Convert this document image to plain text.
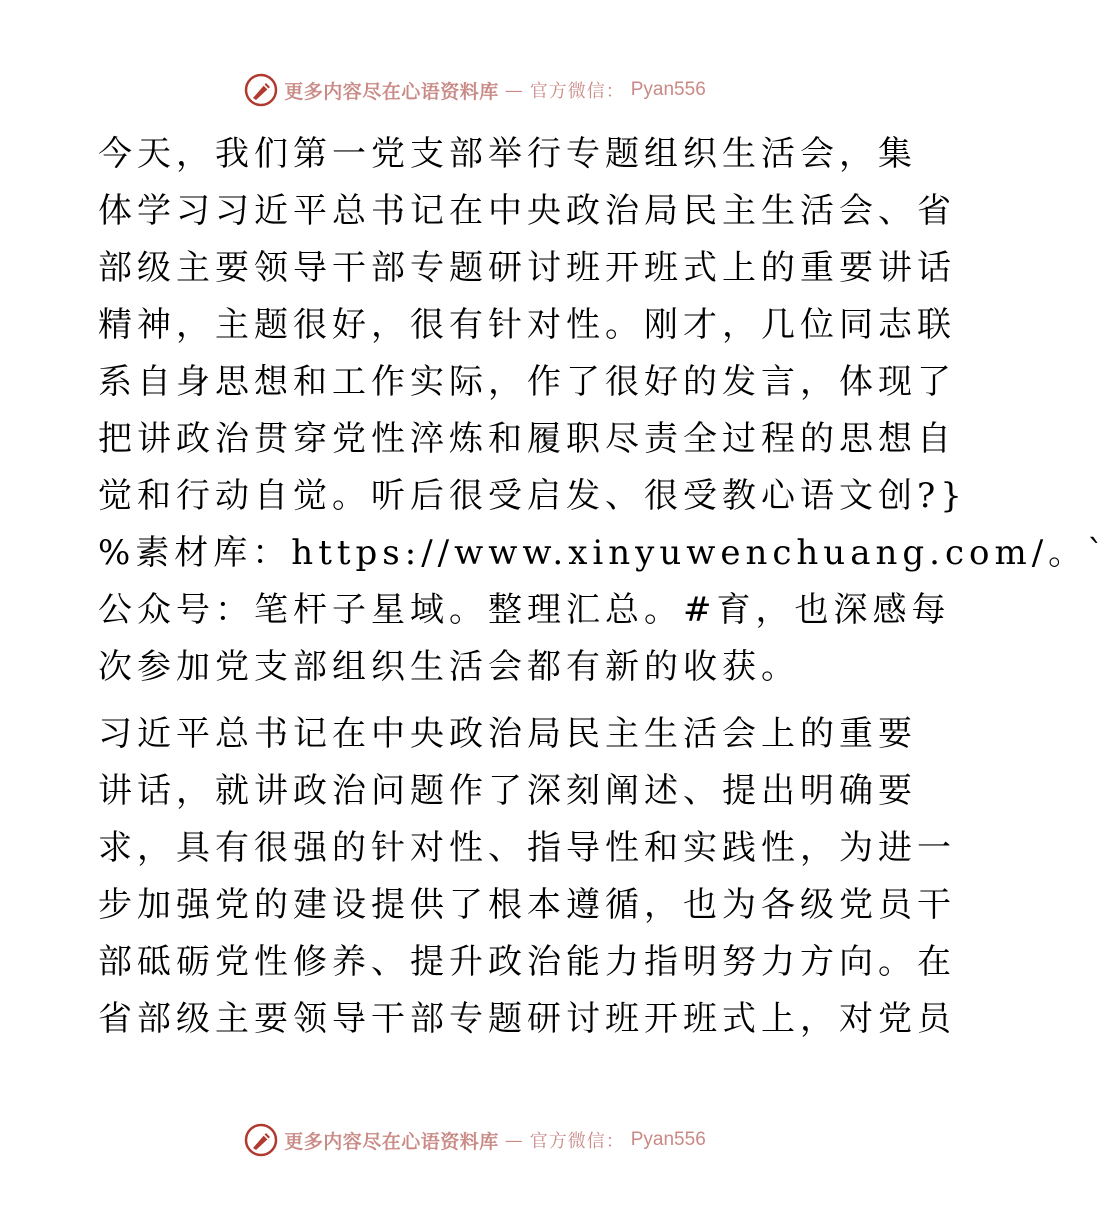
更多内容尽在心语资料库 — 官方微信： Pyan556
今天，我们第一党支部举行专题组织生活会，集
体学习习近平总书记在中央政治局民主生活会、省
部级主要领导干部专题研讨班开班式上的重要讲话
精神，主题很好，很有针对性。刚才，几位同志联
系自身思想和工作实际，作了很好的发言，体现了
把讲政治贯穿党性淬炼和履职尽责全过程的思想自
觉和行动自觉。听后很受启发、很受教心语文创?}
%素材库：https://www.xinyuwenchuang.com/。`
公众号：笔杆子星域。整理汇总。#育，也深感每
次参加党支部组织生活会都有新的收获。
习近平总书记在中央政治局民主生活会上的重要
讲话，就讲政治问题作了深刻阐述、提出明确要
求，具有很强的针对性、指导性和实践性，为进一
步加强党的建设提供了根本遵循，也为各级党员干
部砥砺党性修养、提升政治能力指明努力方向。在
省部级主要领导干部专题研讨班开班式上，对党员
更多内容尽在心语资料库 — 官方微信： Pyan556
